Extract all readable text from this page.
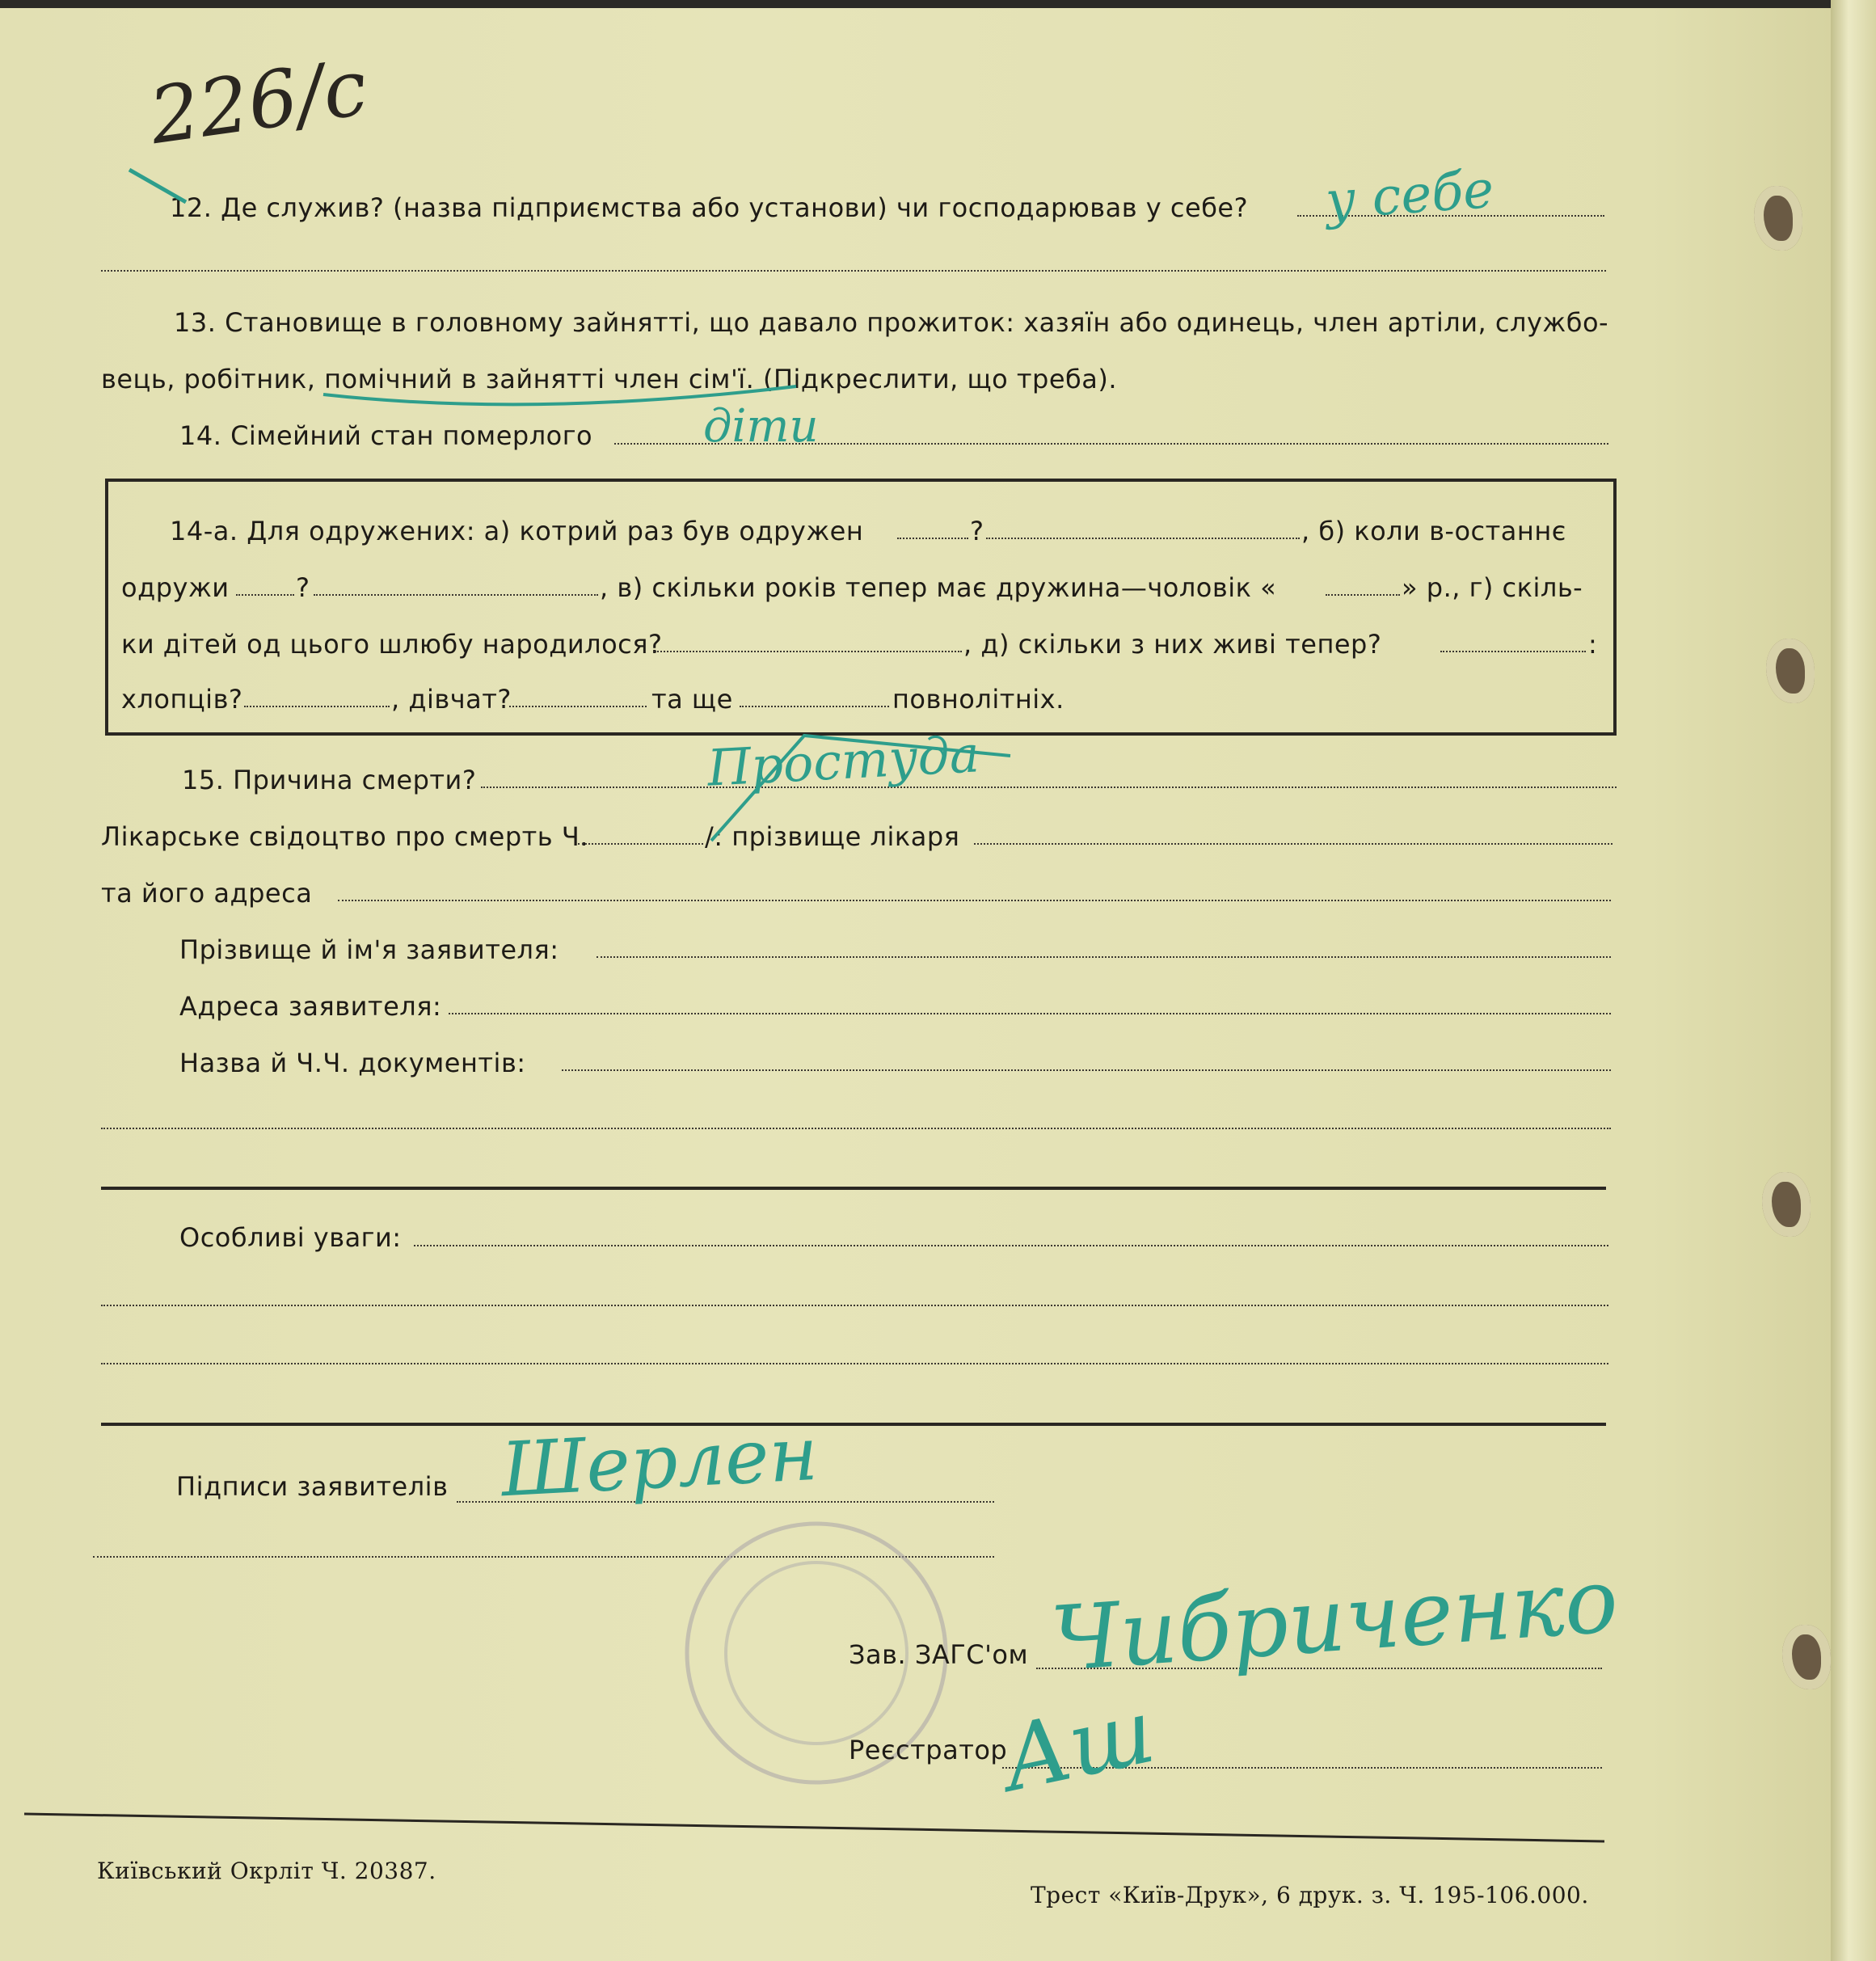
226/с
12. Де служив? (назва підприємства або установи) чи господарював у себе? у себе
13. Становище в головному зайнятті, що давало прожиток: хазяїн або одинець, член артіли, службо-
вець, робітник, помічний в зайнятті член сім'ї. (Підкреслити, що треба).
14. Сімейний стан померлого діти
14-а. Для одружених: а) котрий раз був одружен	?	, б) коли в-останнє
одружи	?	, в) скільки років тепер має дружина—чоловік «	» р., г) скіль-
ки дітей од цього шлюбу народилося?	, д) скільки з них живі тепер?	:
хлопців?	, дівчат?	та ще	повнолітніх.
15. Причина смерти?	Простуда
Лікарське свідоцтво про смерть Ч.	/: прізвище лікаря
та його адреса
Прізвище й ім'я заявителя:
Адреса заявителя:
Назва й Ч.Ч. документів:
Особливі уваги:
Підписи заявителів Шерлен
Зав. ЗАГС'ом Чибриченко
Реєстратор
Аш
Київський Окрліт Ч. 20387.
Трест «Київ-Друк», 6 друк. з. Ч. 195-106.000.
